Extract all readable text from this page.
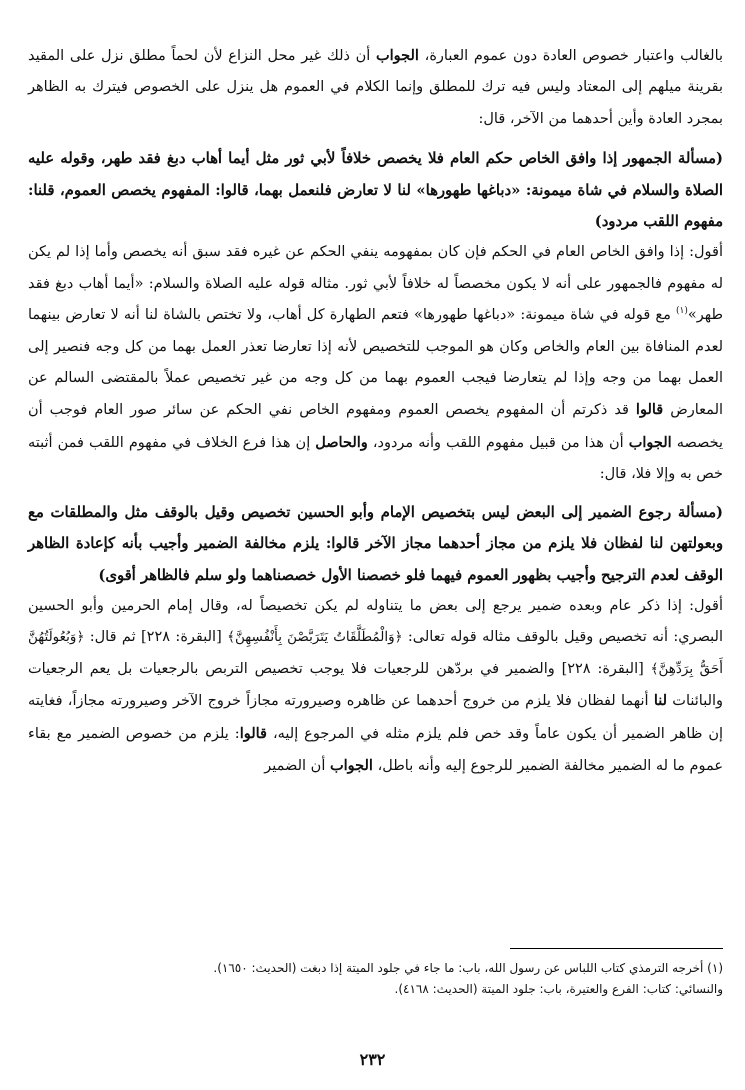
بالغالب واعتبار خصوص العادة دون عموم العبارة، الجواب أن ذلك غير محل النزاع لأن لحماً مطلق نزل على المقيد بقرينة ميلهم إلى المعتاد وليس فيه ترك للمطلق وإنما الكلام في العموم هل ينزل على الخصوص فيترك به الظاهر بمجرد العادة وأين أحدهما من الآخر، قال:

(مسألة الجمهور إذا وافق الخاص حكم العام فلا يخصص خلافاً لأبي ثور مثل أيما أهاب دبغ فقد طهر، وقوله عليه الصلاة والسلام في شاة ميمونة: «دباغها طهورها» لنا لا تعارض فلنعمل بهما، قالوا: المفهوم يخصص العموم، قلنا: مفهوم اللقب مردود)

أقول: إذا وافق الخاص العام في الحكم فإن كان بمفهومه ينفي الحكم عن غيره فقد سبق أنه يخصص وأما إذا لم يكن له مفهوم فالجمهور على أنه لا يكون مخصصاً له خلافاً لأبي ثور. مثاله قوله عليه الصلاة والسلام: «أيما أهاب دبغ فقد طهر»$^{(١)}$ مع قوله في شاة ميمونة: «دباغها طهورها» فتعم الطهارة كل أهاب، ولا تختص بالشاة لنا أنه لا تعارض بينهما لعدم المنافاة بين العام والخاص وكان هو الموجب للتخصيص لأنه إذا تعارضا تعذر العمل بهما من كل وجه فنصير إلى العمل بهما من وجه وإذا لم يتعارضا فيجب العموم بهما من كل وجه من غير تخصيص عملاً بالمقتضى السالم عن المعارض قالوا قد ذكرتم أن المفهوم يخصص العموم ومفهوم الخاص نفي الحكم عن سائر صور العام فوجب أن يخصصه الجواب أن هذا من قبيل مفهوم اللقب وأنه مردود، والحاصل إن هذا فرع الخلاف في مفهوم اللقب فمن أثبته خص به وإلا فلا، قال:

(مسألة رجوع الضمير إلى البعض ليس بتخصيص الإمام وأبو الحسين تخصيص وقيل بالوقف مثل والمطلقات مع وبعولتهن لنا لفظان فلا يلزم من مجاز أحدهما مجاز الآخر قالوا: يلزم مخالفة الضمير وأجيب بأنه كإعادة الظاهر الوقف لعدم الترجيح وأجيب بظهور العموم فيهما فلو خصصنا الأول خصصناهما ولو سلم فالظاهر أقوى)

أقول: إذا ذكر عام وبعده ضمير يرجع إلى بعض ما يتناوله لم يكن تخصيصاً له، وقال إمام الحرمين وأبو الحسين البصري: أنه تخصيص وقيل بالوقف مثاله قوله تعالى: ﴿وَالْمُطَلَّقَاتُ يَتَرَبَّصْنَ بِأَنْفُسِهِنَّ﴾ [البقرة: ٢٢٨] ثم قال: ﴿وَبُعُولَتُهُنَّ أَحَقُّ بِرَدِّهِنَّ﴾ [البقرة: ٢٢٨] والضمير في بردّهن للرجعيات فلا يوجب تخصيص التربص بالرجعيات بل يعم الرجعيات والبائنات لنا أنهما لفظان فلا يلزم من خروج أحدهما عن ظاهره وصيرورته مجازاً خروج الآخر وصيرورته مجازاً، فغايته إن ظاهر الضمير أن يكون عاماً وقد خص فلم يلزم مثله في المرجوع إليه، قالوا: يلزم من خصوص الضمير مع بقاء عموم ما له الضمير مخالفة الضمير للرجوع إليه وأنه باطل، الجواب أن الضمير

(١) أخرجه الترمذي كتاب اللباس عن رسول الله، باب: ما جاء في جلود الميتة إذا دبغت (الحديث: ١٦٥٠).
والنسائي: كتاب: الفرع والعتيرة، باب: جلود الميتة (الحديث: ٤١٦٨).
٢٣٢
